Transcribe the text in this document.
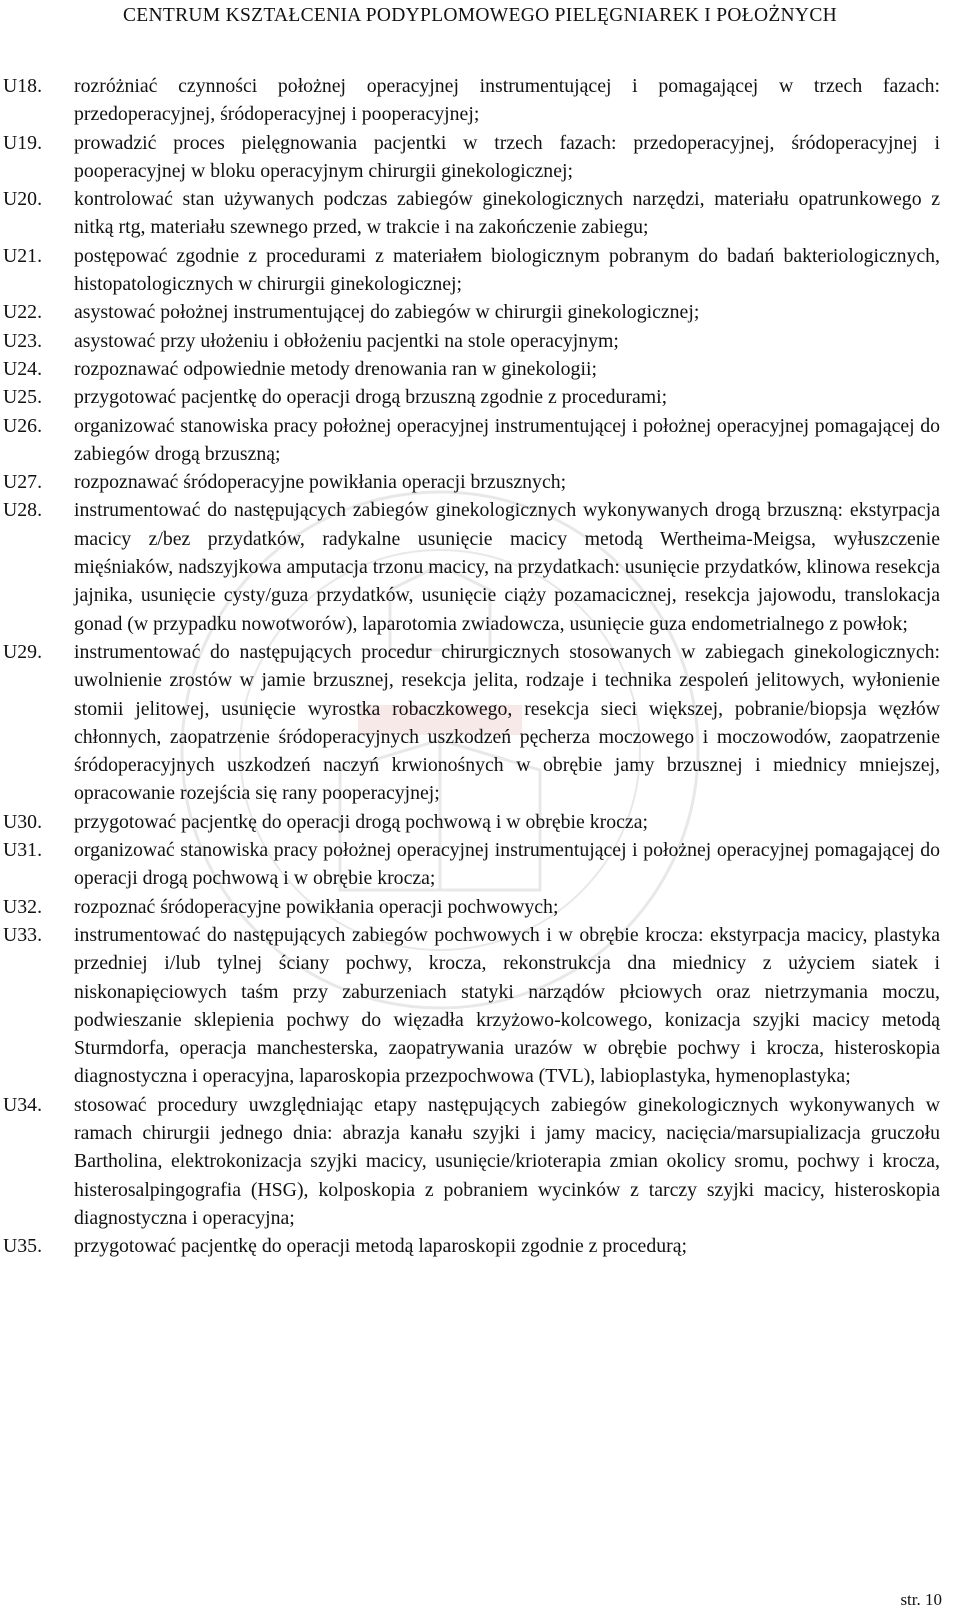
CENTRUM KSZTAŁCENIA PODYPLOMOWEGO PIELĘGNIAREK I POŁOŻNYCH
U18. rozróżniać czynności położnej operacyjnej instrumentującej i pomagającej w trzech fazach: przedoperacyjnej, śródoperacyjnej i pooperacyjnej;
U19. prowadzić proces pielęgnowania pacjentki w trzech fazach: przedoperacyjnej, śródoperacyjnej i pooperacyjnej w bloku operacyjnym chirurgii ginekologicznej;
U20. kontrolować stan używanych podczas zabiegów ginekologicznych narzędzi, materiału opatrunkowego z nitką rtg, materiału szewnego przed, w trakcie i na zakończenie zabiegu;
U21. postępować zgodnie z procedurami z materiałem biologicznym pobranym do badań bakteriologicznych, histopatologicznych w chirurgii ginekologicznej;
U22. asystować położnej instrumentującej do zabiegów w chirurgii ginekologicznej;
U23. asystować przy ułożeniu i obłożeniu pacjentki na stole operacyjnym;
U24. rozpoznawać odpowiednie metody drenowania ran w ginekologii;
U25. przygotować pacjentkę do operacji drogą brzuszną zgodnie z procedurami;
U26. organizować stanowiska pracy położnej operacyjnej instrumentującej i położnej operacyjnej pomagającej do zabiegów drogą brzuszną;
U27. rozpoznawać śródoperacyjne powikłania operacji brzusznych;
U28. instrumentować do następujących zabiegów ginekologicznych wykonywanych drogą brzuszną: ekstyrpacja macicy z/bez przydatków, radykalne usunięcie macicy metodą Wertheima-Meigsa, wyłuszczenie mięśniaków, nadszyjkowa amputacja trzonu macicy, na przydatkach: usunięcie przydatków, klinowa resekcja jajnika, usunięcie cysty/guza przydatków, usunięcie ciąży pozamacicznej, resekcja jajowodu, translokacja gonad (w przypadku nowotworów), laparotomia zwiadowcza, usunięcie guza endometrialnego z powłok;
U29. instrumentować do następujących procedur chirurgicznych stosowanych w zabiegach ginekologicznych: uwolnienie zrostów w jamie brzusznej, resekcja jelita, rodzaje i technika zespoleń jelitowych, wyłonienie stomii jelitowej, usunięcie wyrostka robaczkowego, resekcja sieci większej, pobranie/biopsja węzłów chłonnych, zaopatrzenie śródoperacyjnych uszkodzeń pęcherza moczowego i moczowodów, zaopatrzenie śródoperacyjnych uszkodzeń naczyń krwionośnych w obrębie jamy brzusznej i miednicy mniejszej, opracowanie rozejścia się rany pooperacyjnej;
U30. przygotować pacjentkę do operacji drogą pochwową i w obrębie krocza;
U31. organizować stanowiska pracy położnej operacyjnej instrumentującej i położnej operacyjnej pomagającej do operacji drogą pochwową i w obrębie krocza;
U32. rozpoznać śródoperacyjne powikłania operacji pochwowych;
U33. instrumentować do następujących zabiegów pochwowych i w obrębie krocza: ekstyrpacja macicy, plastyka przedniej i/lub tylnej ściany pochwy, krocza, rekonstrukcja dna miednicy z użyciem siatek i niskonapięciowych taśm przy zaburzeniach statyki narządów płciowych oraz nietrzymania moczu, podwieszanie sklepienia pochwy do więzadła krzyżowo-kolcowego, konizacja szyjki macicy metodą Sturmdorfa, operacja manchesterska, zaopatrywania urazów w obrębie pochwy i krocza, histeroskopia diagnostyczna i operacyjna, laparoskopia przezpochwowa (TVL), labioplastyka, hymenoplastyka;
U34. stosować procedury uwzględniając etapy następujących zabiegów ginekologicznych wykonywanych w ramach chirurgii jednego dnia: abrazja kanału szyjki i jamy macicy, nacięcia/marsupializacja gruczołu Bartholina, elektrokonizacja szyjki macicy, usunięcie/krioterapia zmian okolicy sromu, pochwy i krocza, histerosalpingografia (HSG), kolposkopia z pobraniem wycinków z tarczy szyjki macicy, histeroskopia diagnostyczna i operacyjna;
U35. przygotować pacjentkę do operacji metodą laparoskopii zgodnie z procedurą;
str. 10
